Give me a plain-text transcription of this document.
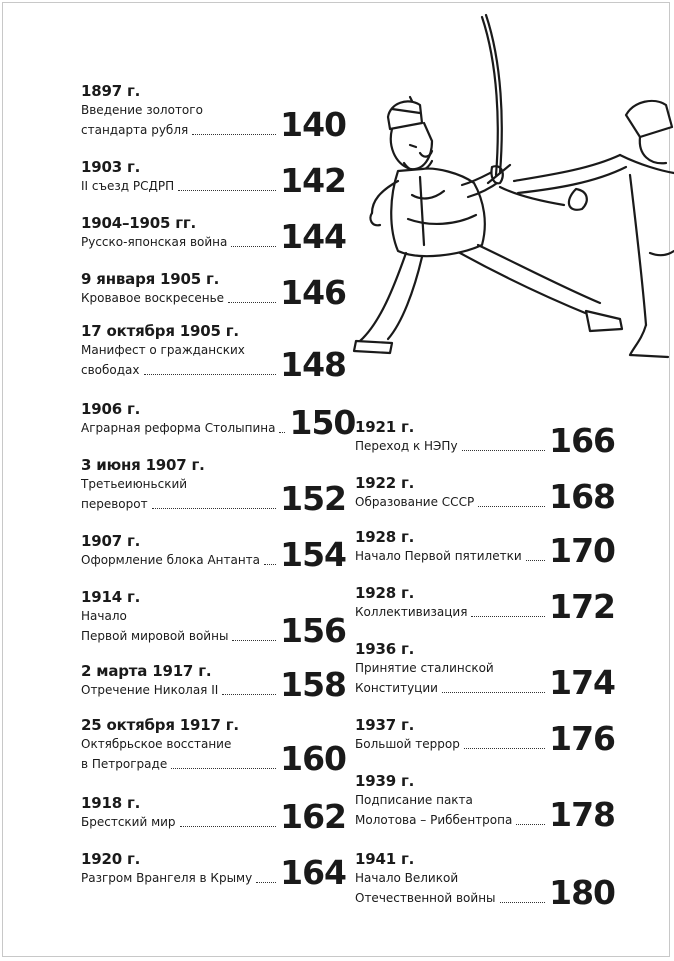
1897 г.
Введение золотого
стандарта рубля	140
1903 г.
II съезд РСДРП	142
1904–1905 гг.
Русско-японская война 144
9 января 1905 г.
Кровавое воскресенье 146
17 октября 1905 г.
Манифест о гражданских
свободах	148
1906 г.
Аграрная реформа Столыпина 150
3 июня 1907 г.
Третьеиюньский
переворот	152
1907 г.
Оформление блока Антанта 154
1914 г.
Начало
Первой мировой войны 156
2 марта 1917 г.
Отречение Николая II 158
25 октября 1917 г.
Октябрьское восстание
в Петрограде	160
1918 г.
Брестский мир	162
1920 г.
Разгром Врангеля в Крыму 164
1921 г.
Переход к НЭПу	166
1922 г.
Образование СССР 168
1928 г.
Начало Первой пятилетки 170
1928 г.
Коллективизация 172
1936 г.
Принятие сталинской
Конституции	174
1937 г.
Большой террор	176
1939 г.
Подписание пакта
Молотова – Риббентропа 178
1941 г.
Начало Великой
Отечественной войны 180
